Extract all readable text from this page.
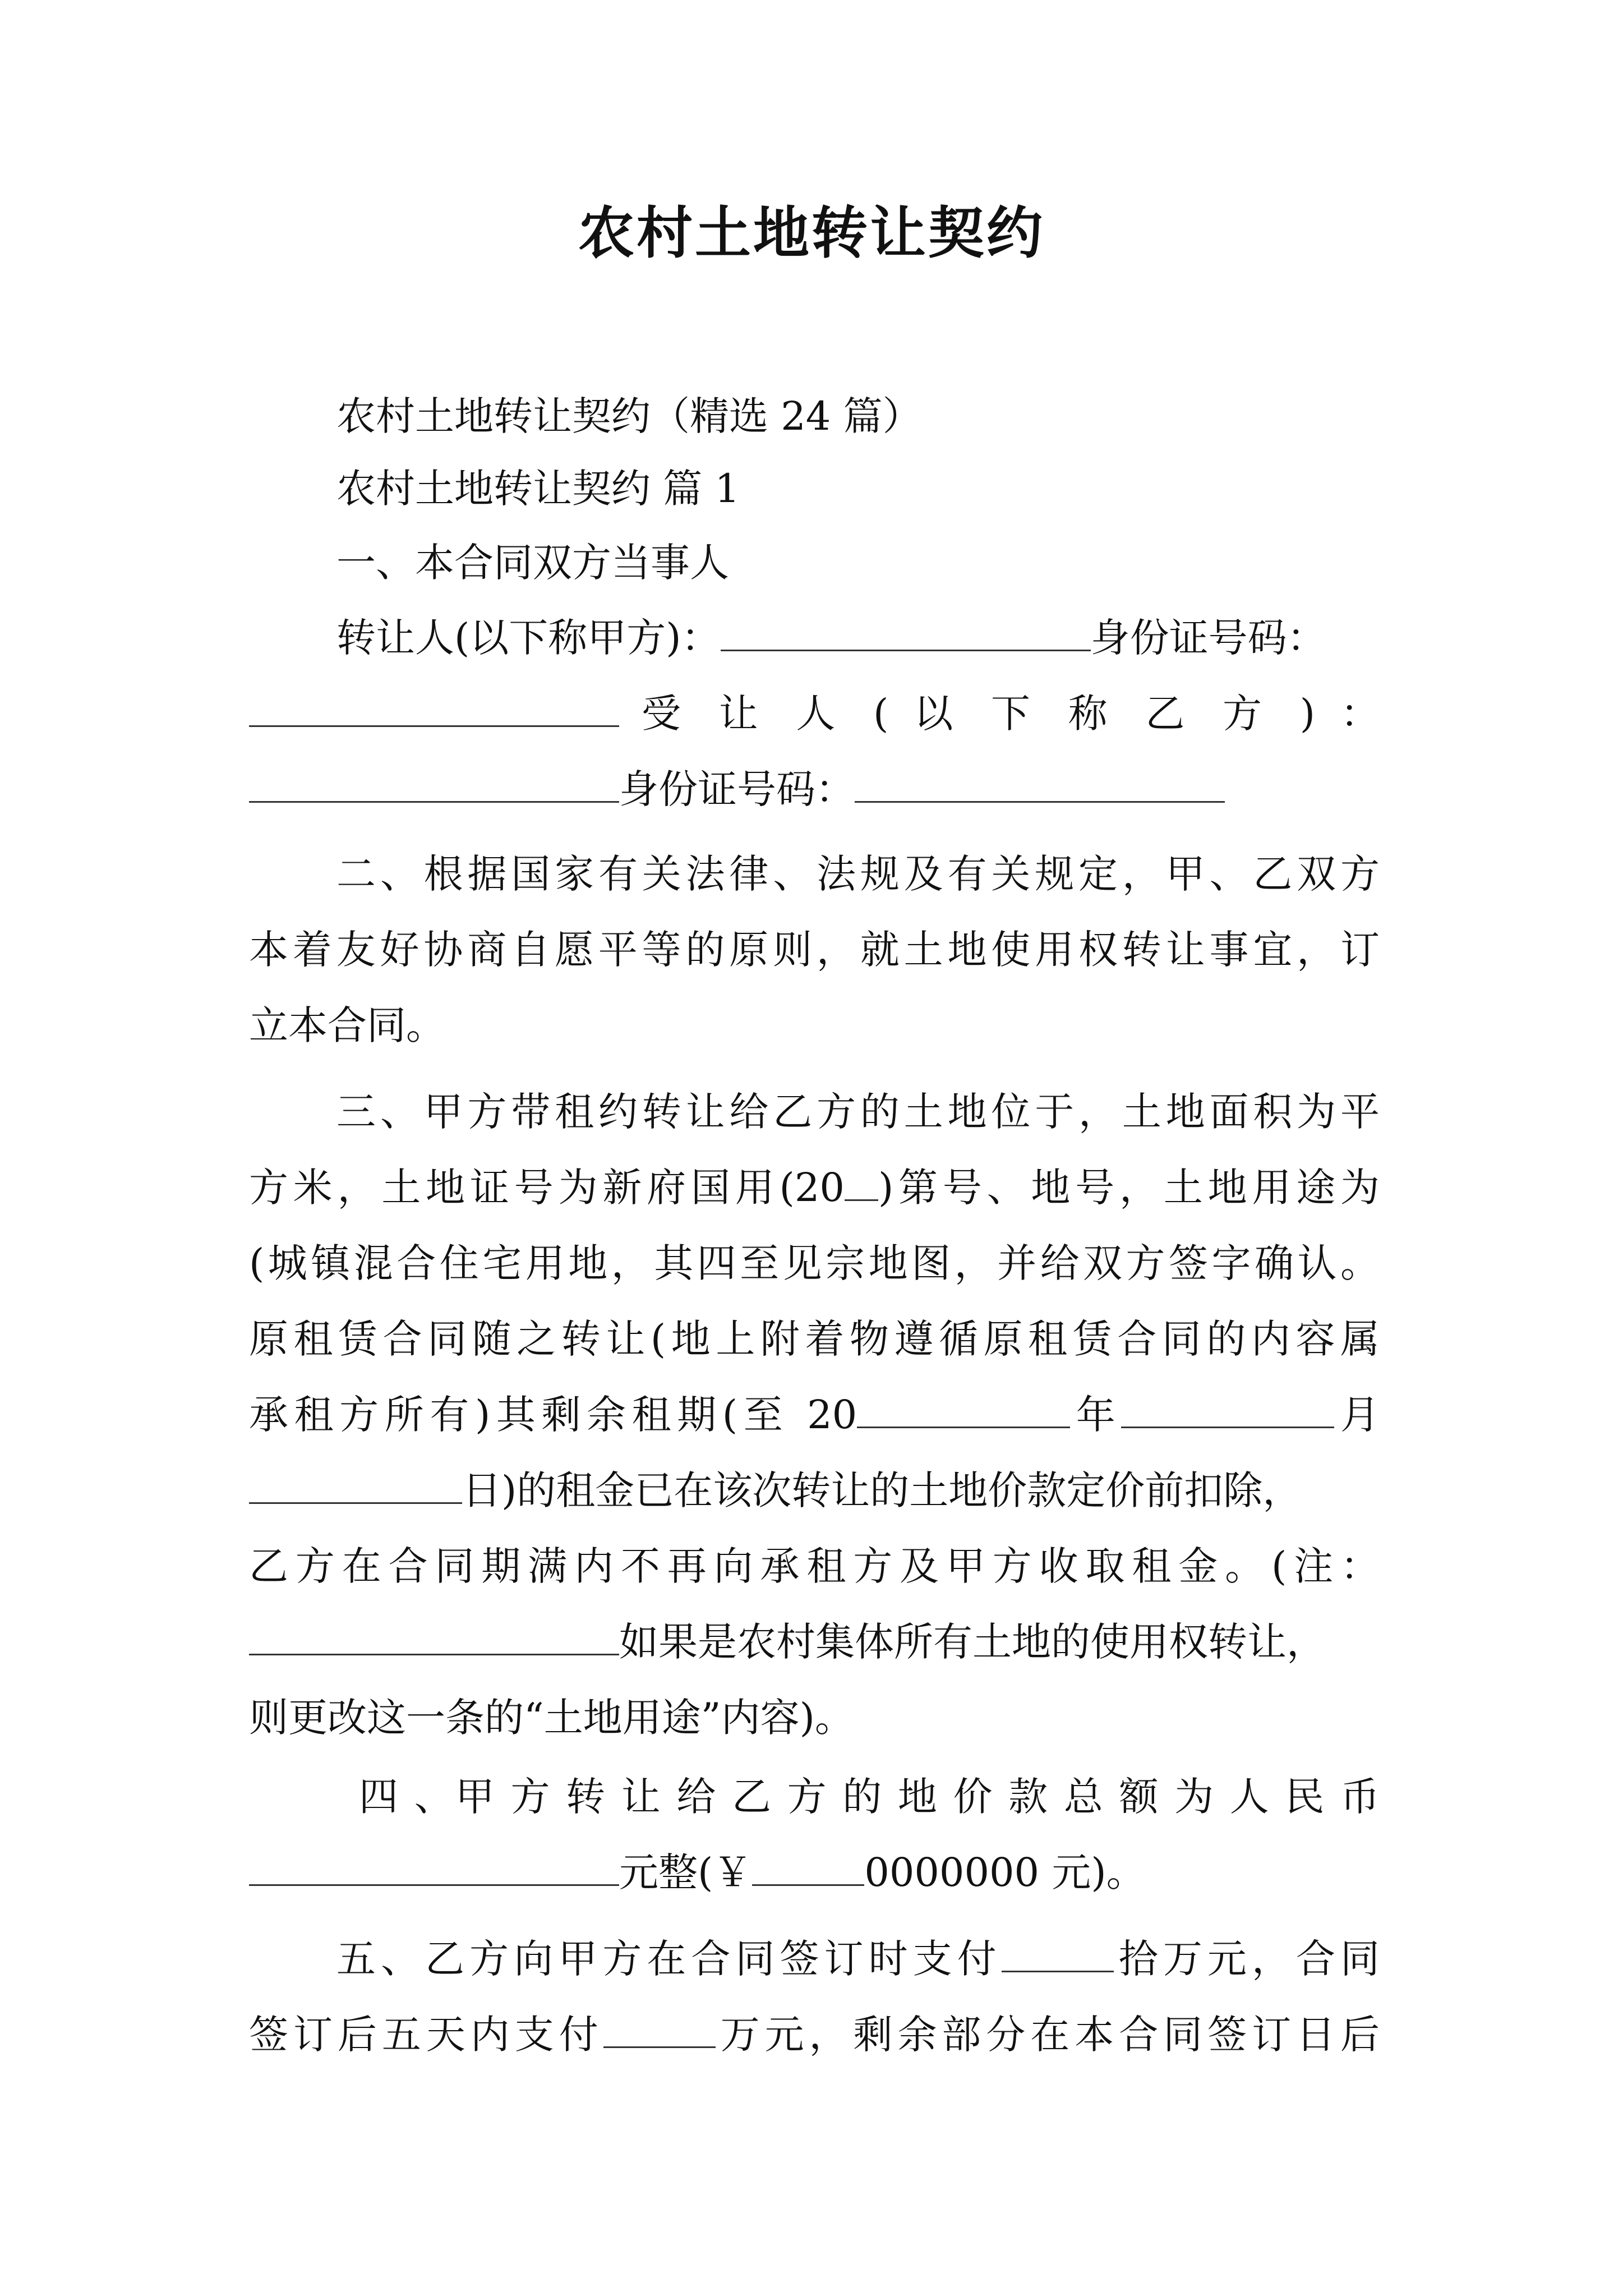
农村土地转让契约
农村土地转让契约（精选 24 篇）
农村土地转让契约 篇 1
一、本合同双方当事人
转让人(以下称甲方)：	身份证号码：
受 让 人 ( 以 下 称 乙 方 ) ：
身份证号码：
二、根据国家有关法律、法规及有关规定，甲、乙双方
本着友好协商自愿平等的原则，就土地使用权转让事宜，订
立本合同。
三、甲方带租约转让给乙方的土地位于，土地面积为平
方米，土地证号为新府国用(20 )第号、地号，土地用途为
(城镇混合住宅用地，其四至见宗地图，并给双方签字确认。
原租赁合同随之转让(地上附着物遵循原租赁合同的内容属
承租方所有)其剩余租期(至 20	年	月
日)的租金已在该次转让的土地价款定价前扣除，
乙方在合同期满内不再向承租方及甲方收取租金。(注：
如果是农村集体所有土地的使用权转让，
则更改这一条的“土地用途”内容)。
四 、甲 方 转 让 给 乙 方 的 地 价 款 总 额 为 人 民 币
元整(￥	0000000 元)。
五、乙方向甲方在合同签订时支付	拾万元，合同
签订后五天内支付	万元，剩余部分在本合同签订日后
